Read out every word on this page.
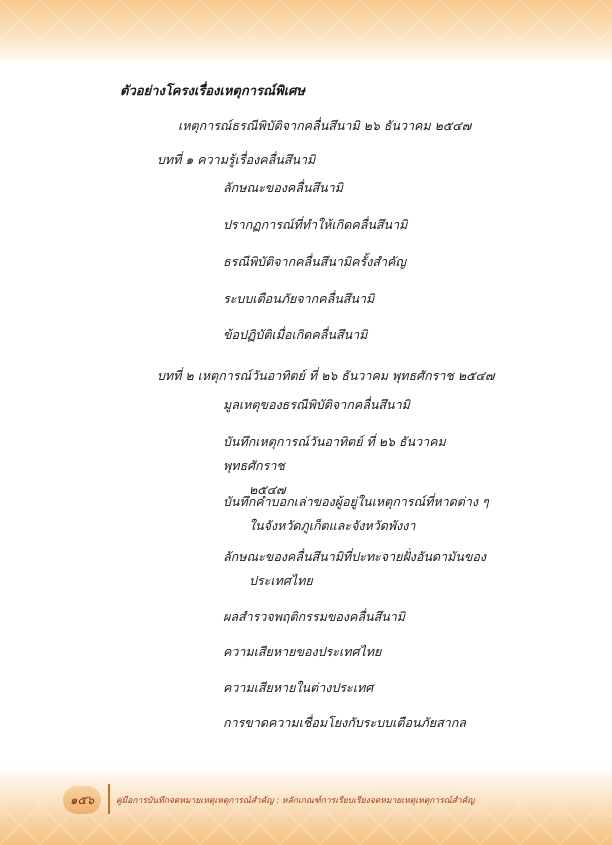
ตัวอย่างโครงเรื่องเหตุการณ์พิเศษ
เหตุการณ์ธรณีพิบัติจากคลื่นสึนามิ ๒๖ ธันวาคม ๒๕๔๗
บทที่ ๑ ความรู้เรื่องคลื่นสึนามิ
ลักษณะของคลื่นสึนามิ
ปรากฏการณ์ที่ทำให้เกิดคลื่นสึนามิ
ธรณีพิบัติจากคลื่นสึนามิครั้งสำคัญ
ระบบเตือนภัยจากคลื่นสึนามิ
ข้อปฏิบัติเมื่อเกิดคลื่นสึนามิ
บทที่ ๒ เหตุการณ์วันอาทิตย์ ที่ ๒๖ ธันวาคม พุทธศักราช ๒๕๔๗
มูลเหตุของธรณีพิบัติจากคลื่นสึนามิ
บันทึกเหตุการณ์วันอาทิตย์ ที่ ๒๖ ธันวาคม พุทธศักราช
๒๕๔๗
บันทึกคำบอกเล่าของผู้อยู่ในเหตุการณ์ที่หาดต่าง ๆ
ในจังหวัดภูเก็ตและจังหวัดพังงา
ลักษณะของคลื่นสึนามิที่ปะทะจายฝั่งอันดามันของ
ประเทศไทย
ผลสำรวจพฤติกรรมของคลื่นสึนามิ
ความเสียหายของประเทศไทย
ความเสียหายในต่างประเทศ
การขาดความเชื่อมโยงกับระบบเตือนภัยสากล
๑๕๖	คู่มือการบันทึกจดหมายเหตุเหตุการณ์สำคัญ : หลักเกณฑ์การเรียบเรียงจดหมายเหตุเหตุการณ์สำคัญ
